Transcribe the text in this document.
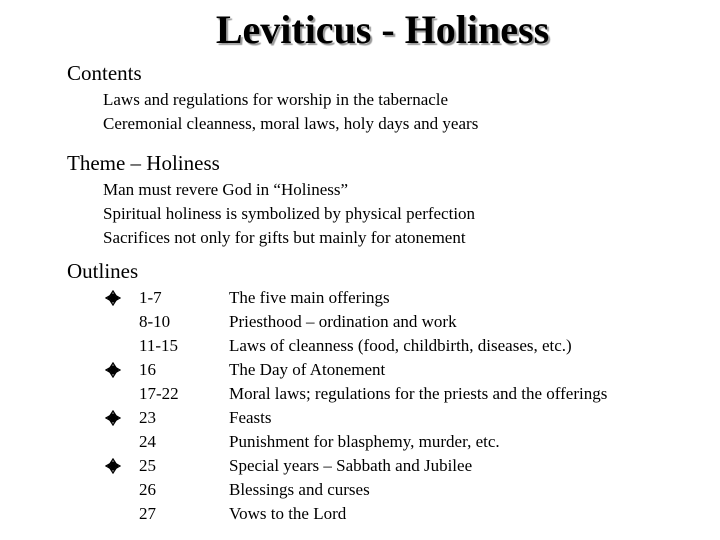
Leviticus - Holiness
Contents
Laws and regulations for worship in the tabernacle
Ceremonial cleanness, moral laws, holy days and years
Theme – Holiness
Man must revere God in “Holiness”
Spiritual holiness is symbolized by physical perfection
Sacrifices not only for gifts but mainly for atonement
Outlines
1-7	The five main offerings
8-10	Priesthood – ordination and work
11-15	Laws of cleanness (food, childbirth, diseases, etc.)
16	The Day of Atonement
17-22	Moral laws; regulations for the priests and the offerings
23	Feasts
24	Punishment for blasphemy, murder, etc.
25	Special years – Sabbath and Jubilee
26	Blessings and curses
27	Vows to the Lord
